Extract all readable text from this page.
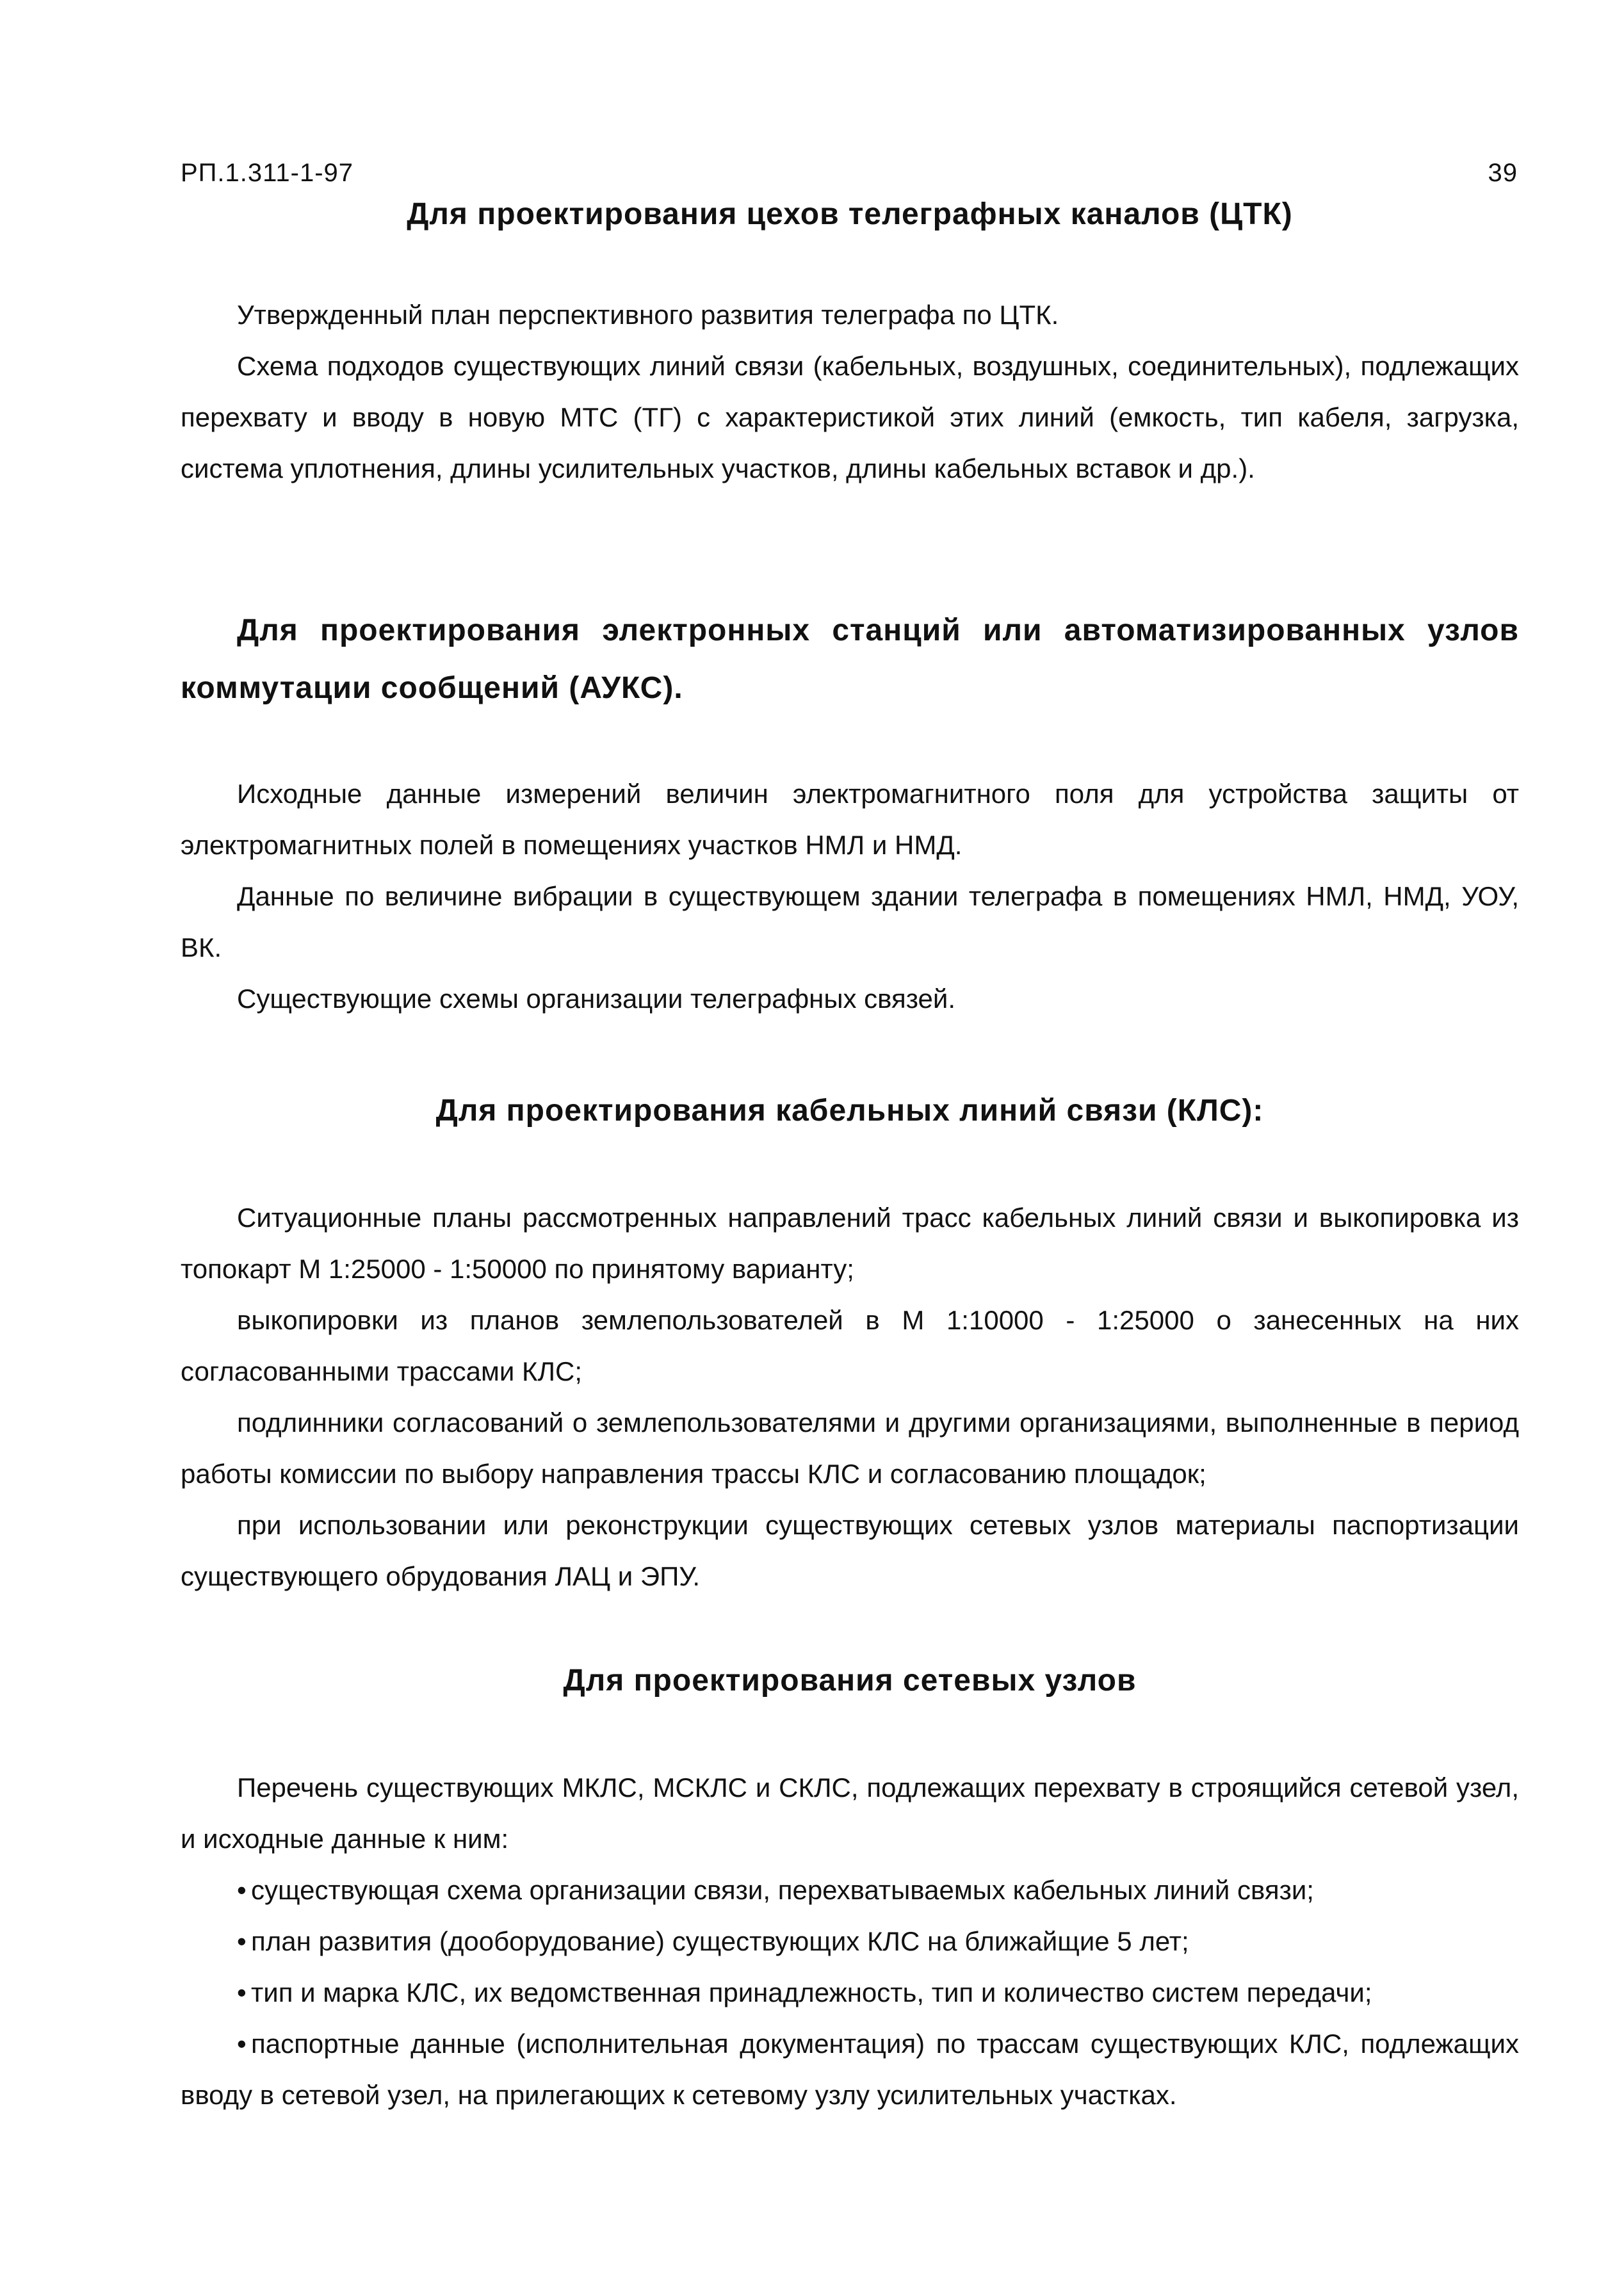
РП.1.311-1-97	39
Для проектирования цехов телеграфных каналов (ЦТК)

Утвержденный план перспективного развития телеграфа по ЦТК.

Схема подходов существующих линий связи (кабельных, воздушных, соединительных), подлежащих перехвату и вводу в новую МТС (ТГ) с характеристикой этих линий (емкость, тип кабеля, загрузка, система уплотнения, длины усилительных участков, длины кабельных вставок и др.).

Для проектирования электронных станций или автоматизированных узлов коммутации сообщений (АУКС).

Исходные данные измерений величин электромагнитного поля для устройства защиты от электромагнитных полей в помещениях участков НМЛ и НМД.

Данные по величине вибрации в существующем здании телеграфа в помещениях НМЛ, НМД, УОУ, ВК.

Существующие схемы организации телеграфных связей.

Для проектирования кабельных линий связи (КЛС):

Ситуационные планы рассмотренных направлений трасс кабельных линий связи и выкопировка из топокарт М 1:25000 - 1:50000 по принятому варианту;

выкопировки из планов землепользователей в М 1:10000 - 1:25000 о занесенных на них согласованными трассами КЛС;

подлинники согласований о землепользователями и другими организациями, выполненные в период работы комиссии по выбору направления трассы КЛС и согласованию площадок;

при использовании или реконструкции существующих сетевых узлов материалы паспортизации существующего обрудования ЛАЦ и ЭПУ.

Для проектирования сетевых узлов

Перечень существующих МКЛС, МСКЛС и СКЛС, подлежащих перехвату в строящийся сетевой узел, и исходные данные к ним:

• существующая схема организации связи, перехватываемых кабельных линий связи;
• план развития (дооборудование) существующих КЛС на ближайщие 5 лет;
• тип и марка КЛС, их ведомственная принадлежность, тип и количество систем передачи;
• паспортные данные (исполнительная документация) по трассам существующих КЛС, подлежащих вводу в сетевой узел, на прилегающих к сетевому узлу усилительных участках.
